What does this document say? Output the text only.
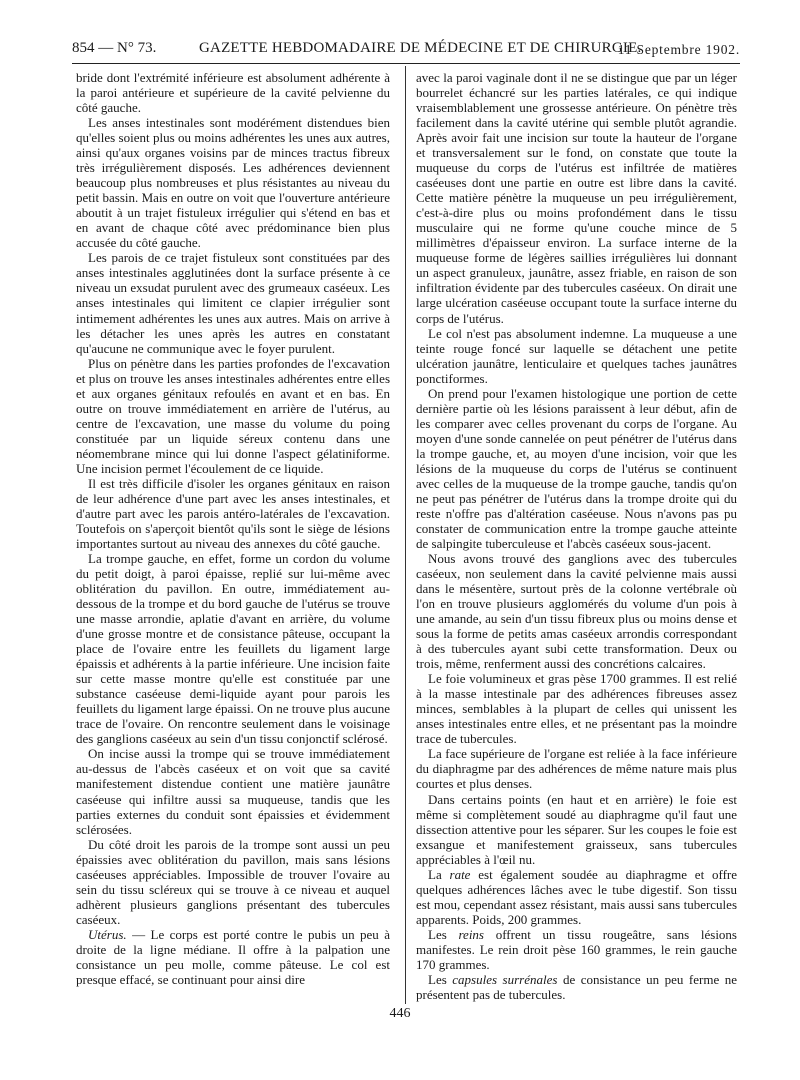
854 — N° 73.	GAZETTE HEBDOMADAIRE DE MÉDECINE ET DE CHIRURGIE.
11 Septembre 1902.

bride dont l'extrémité inférieure est absolument adhérente à la paroi antérieure et supérieure de la cavité pelvienne du côté gauche.

Les anses intestinales sont modérément distendues bien qu'elles soient plus ou moins adhérentes les unes aux autres, ainsi qu'aux organes voisins par de minces tractus fibreux très irrégulièrement disposés. Les adhérences deviennent beaucoup plus nombreuses et plus résistantes au niveau du petit bassin. Mais en outre on voit que l'ouverture antérieure aboutit à un trajet fistuleux irrégulier qui s'étend en bas et en avant de chaque côté avec prédominance bien plus accusée du côté gauche.

Les parois de ce trajet fistuleux sont constituées par des anses intestinales agglutinées dont la surface présente à ce niveau un exsudat purulent avec des grumeaux caséeux. Les anses intestinales qui limitent ce clapier irrégulier sont intimement adhérentes les unes aux autres. Mais on arrive à les détacher les unes après les autres en constatant qu'aucune ne communique avec le foyer purulent.

Plus on pénètre dans les parties profondes de l'excavation et plus on trouve les anses intestinales adhérentes entre elles et aux organes génitaux refoulés en avant et en bas. En outre on trouve immédiatement en arrière de l'utérus, au centre de l'excavation, une masse du volume du poing constituée par un liquide séreux contenu dans une néomembrane mince qui lui donne l'aspect gélatiniforme. Une incision permet l'écoulement de ce liquide.

Il est très difficile d'isoler les organes génitaux en raison de leur adhérence d'une part avec les anses intestinales, et d'autre part avec les parois antéro-latérales de l'excavation. Toutefois on s'aperçoit bientôt qu'ils sont le siège de lésions importantes surtout au niveau des annexes du côté gauche.

La trompe gauche, en effet, forme un cordon du volume du petit doigt, à paroi épaisse, replié sur lui-même avec oblitération du pavillon. En outre, immédiatement au-dessous de la trompe et du bord gauche de l'utérus se trouve une masse arrondie, aplatie d'avant en arrière, du volume d'une grosse montre et de consistance pâteuse, occupant la place de l'ovaire entre les feuillets du ligament large épaissis et adhérents à la partie inférieure. Une incision faite sur cette masse montre qu'elle est constituée par une substance caséeuse demi-liquide ayant pour parois les feuillets du ligament large épaissi. On ne trouve plus aucune trace de l'ovaire. On rencontre seulement dans le voisinage des ganglions caséeux au sein d'un tissu conjonctif sclérosé.

On incise aussi la trompe qui se trouve immédiatement au-dessus de l'abcès caséeux et on voit que sa cavité manifestement distendue contient une matière jaunâtre caséeuse qui infiltre aussi sa muqueuse, tandis que les parties externes du conduit sont épaissies et évidemment sclérosées.

Du côté droit les parois de la trompe sont aussi un peu épaissies avec oblitération du pavillon, mais sans lésions caséeuses appréciables. Impossible de trouver l'ovaire au sein du tissu scléreux qui se trouve à ce niveau et auquel adhèrent plusieurs ganglions présentant des tubercules caséeux.

Utérus. — Le corps est porté contre le pubis un peu à droite de la ligne médiane. Il offre à la palpation une consistance un peu molle, comme pâteuse. Le col est presque effacé, se continuant pour ainsi dire

avec la paroi vaginale dont il ne se distingue que par un léger bourrelet échancré sur les parties latérales, ce qui indique vraisemblablement une grossesse antérieure. On pénètre très facilement dans la cavité utérine qui semble plutôt agrandie. Après avoir fait une incision sur toute la hauteur de l'organe et transversalement sur le fond, on constate que toute la muqueuse du corps de l'utérus est infiltrée de matières caséeuses dont une partie en outre est libre dans la cavité. Cette matière pénètre la muqueuse un peu irrégulièrement, c'est-à-dire plus ou moins profondément dans le tissu musculaire qui ne forme qu'une couche mince de 5 millimètres d'épaisseur environ. La surface interne de la muqueuse forme de légères saillies irrégulières lui donnant un aspect granuleux, jaunâtre, assez friable, en raison de son infiltration évidente par des tubercules caséeux. On dirait une large ulcération caséeuse occupant toute la surface interne du corps de l'utérus.

Le col n'est pas absolument indemne. La muqueuse a une teinte rouge foncé sur laquelle se détachent une petite ulcération jaunâtre, lenticulaire et quelques taches jaunâtres ponctiformes.

On prend pour l'examen histologique une portion de cette dernière partie où les lésions paraissent à leur début, afin de les comparer avec celles provenant du corps de l'organe. Au moyen d'une sonde cannelée on peut pénétrer de l'utérus dans la trompe gauche, et, au moyen d'une incision, voir que les lésions de la muqueuse du corps de l'utérus se continuent avec celles de la muqueuse de la trompe gauche, tandis qu'on ne peut pas pénétrer de l'utérus dans la trompe droite qui du reste n'offre pas d'altération caséeuse. Nous n'avons pas pu constater de communication entre la trompe gauche atteinte de salpingite tuberculeuse et l'abcès caséeux sous-jacent.

Nous avons trouvé des ganglions avec des tubercules caséeux, non seulement dans la cavité pelvienne mais aussi dans le mésentère, surtout près de la colonne vertébrale où l'on en trouve plusieurs agglomérés du volume d'un pois à une amande, au sein d'un tissu fibreux plus ou moins dense et sous la forme de petits amas caséeux arrondis correspondant à des tubercules ayant subi cette transformation. Deux ou trois, même, renferment aussi des concrétions calcaires.

Le foie volumineux et gras pèse 1700 grammes. Il est relié à la masse intestinale par des adhérences fibreuses assez minces, semblables à la plupart de celles qui unissent les anses intestinales entre elles, et ne présentant pas la moindre trace de tubercules.

La face supérieure de l'organe est reliée à la face inférieure du diaphragme par des adhérences de même nature mais plus courtes et plus denses.

Dans certains points (en haut et en arrière) le foie est même si complètement soudé au diaphragme qu'il faut une dissection attentive pour les séparer. Sur les coupes le foie est exsangue et manifestement graisseux, sans tubercules appréciables à l'œil nu.

La rate est également soudée au diaphragme et offre quelques adhérences lâches avec le tube digestif. Son tissu est mou, cependant assez résistant, mais aussi sans tubercules apparents. Poids, 200 grammes.

Les reins offrent un tissu rougeâtre, sans lésions manifestes. Le rein droit pèse 160 grammes, le rein gauche 170 grammes.

Les capsules surrénales de consistance un peu ferme ne présentent pas de tubercules.

446
